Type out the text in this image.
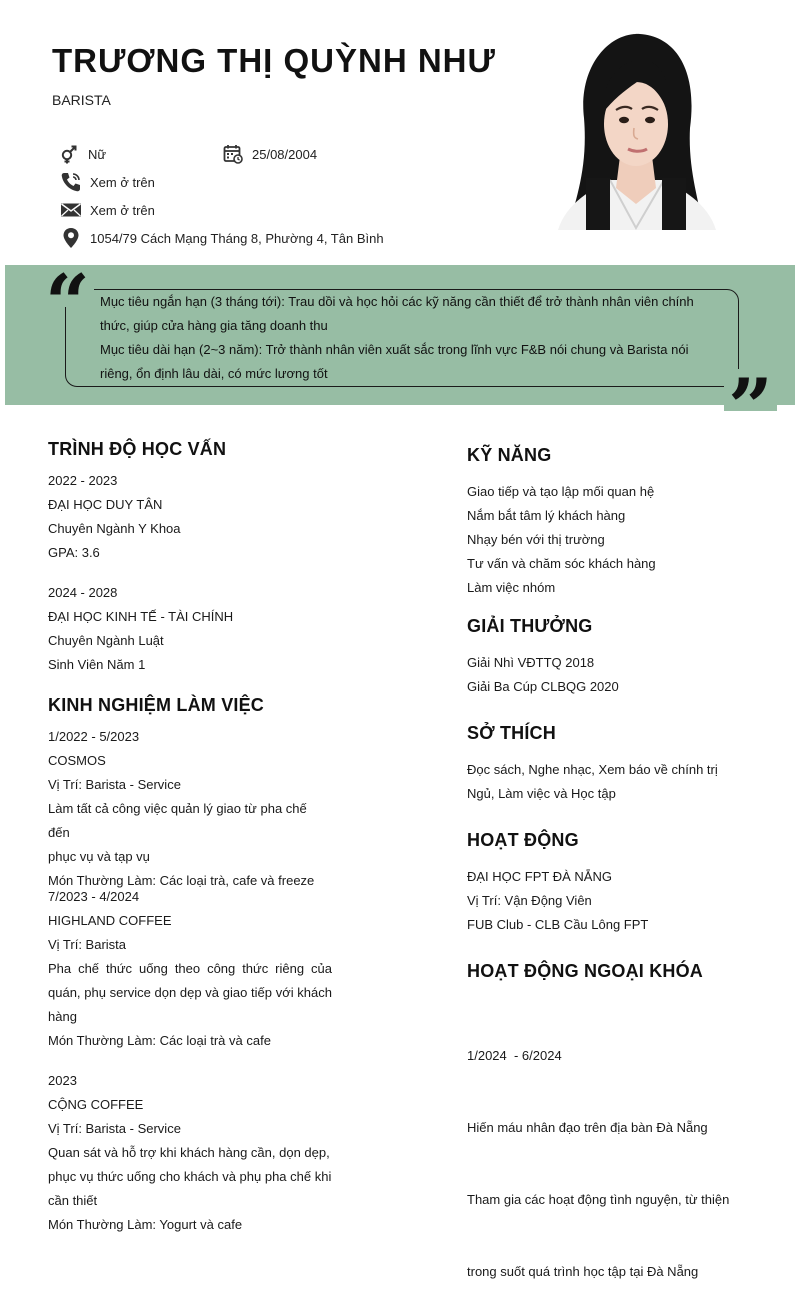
TRƯƠNG THỊ QUỲNH NHƯ
BARISTA
Nữ	25/08/2004
Xem ở trên
Xem ở trên
1054/79 Cách Mạng Tháng 8, Phường 4, Tân Bình
“
”
Mục tiêu ngắn hạn (3 tháng tới): Trau dồi và học hỏi các kỹ năng cần thiết để trở thành nhân viên chính
thức, giúp cửa hàng gia tăng doanh thu
Mục tiêu dài hạn (2~3 năm): Trở thành nhân viên xuất sắc trong lĩnh vực F&B nói chung và Barista nói
riêng, ổn định lâu dài, có mức lương tốt
TRÌNH ĐỘ HỌC VẤN
2022 - 2023
ĐẠI HỌC DUY TÂN
Chuyên Ngành Y Khoa
GPA: 3.6
2024 - 2028
ĐẠI HỌC KINH TẾ - TÀI CHÍNH
Chuyên Ngành Luật
Sinh Viên Năm 1
KINH NGHIỆM LÀM VIỆC
1/2022 - 5/2023
COSMOS
Vị Trí: Barista - Service
Làm tất cả công việc quản lý giao từ pha chế đến
phục vụ và tạp vụ
Món Thường Làm: Các loại trà, cafe và freeze
7/2023 - 4/2024
HIGHLAND COFFEE
Vị Trí: Barista
Pha chế thức uống theo công thức riêng của
quán, phụ service dọn dẹp và giao tiếp với khách
hàng
Món Thường Làm: Các loại trà và cafe
2023
CỘNG COFFEE
Vị Trí: Barista - Service
Quan sát và hỗ trợ khi khách hàng cần, dọn dẹp,
phục vụ thức uống cho khách và phụ pha chế khi
cần thiết
Món Thường Làm: Yogurt và cafe
KỸ NĂNG
Giao tiếp và tạo lập mối quan hệ
Nắm bắt tâm lý khách hàng
Nhạy bén với thị trường
Tư vấn và chăm sóc khách hàng
Làm việc nhóm
GIẢI THƯỞNG
Giải Nhì VĐTTQ 2018
Giải Ba Cúp CLBQG 2020
SỞ THÍCH
Đọc sách, Nghe nhạc, Xem báo về chính trị
Ngủ, Làm việc và Học tập
HOẠT ĐỘNG
ĐẠI HỌC FPT ĐÀ NẴNG
Vị Trí: Vận Động Viên
FUB Club - CLB Cầu Lông FPT
HOẠT ĐỘNG NGOẠI KHÓA

1/2024  - 6/2024

Hiến máu nhân đạo trên địa bàn Đà Nẵng

Tham gia các hoạt động tình nguyện, từ thiện

trong suốt quá trình học tập tại Đà Nẵng
